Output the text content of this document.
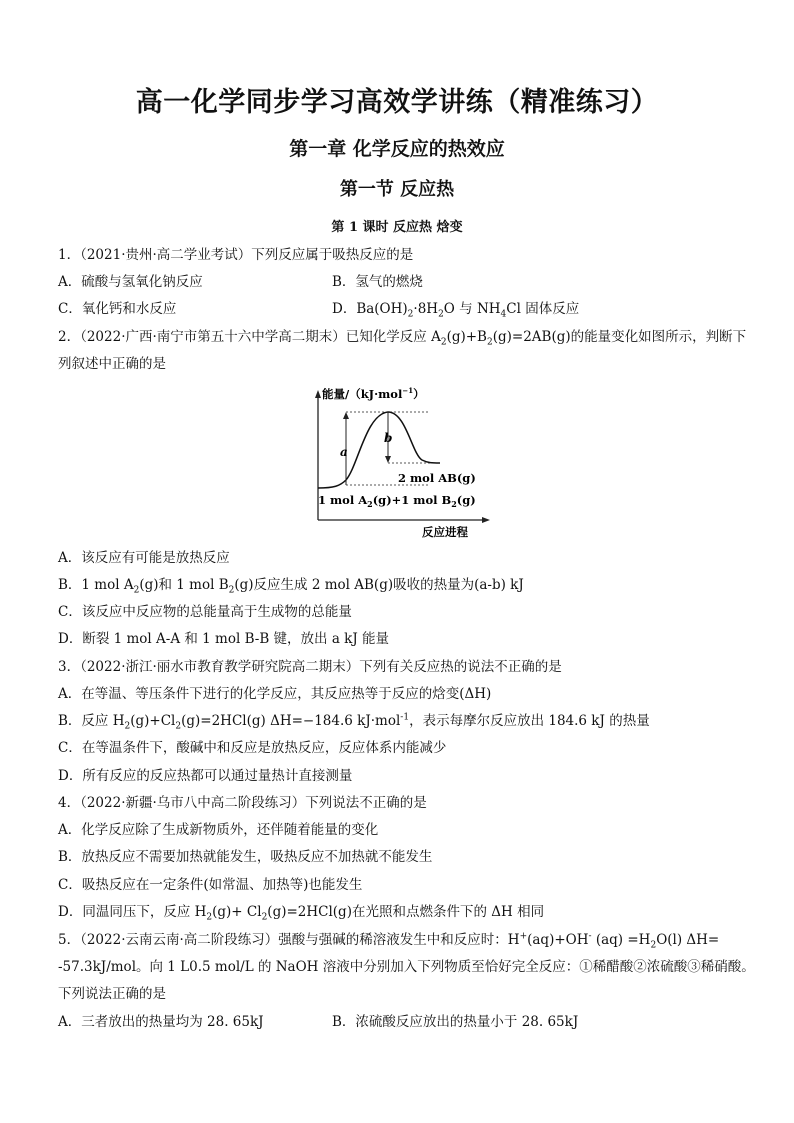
高一化学同步学习高效学讲练（精准练习）
第一章 化学反应的热效应
第一节 反应热
第 1 课时 反应热 焓变
1．（2021·贵州·高二学业考试）下列反应属于吸热反应的是
A．硫酸与氢氧化钠反应	B．氢气的燃烧
C．氧化钙和水反应	D．$Ba(OH)_2\cdot 8H_2O$ 与 $NH_4Cl$ 固体反应
2．（2022·广西·南宁市第五十六中学高二期末）已知化学反应 $A_2(g)+B_2(g)=2AB(g)$的能量变化如图所示，判断下
列叙述中正确的是
能量/（kJ·mol$^{-1}$）
a
b
2 mol AB(g)
1 mol $A_2(g)+1$ mol $B_2(g)$
反应进程
A．该反应有可能是放热反应
B．1 mol $A_2(g)$和 1 mol $B_2(g)$反应生成 2 mol AB(g)吸收的热量为(a-b) kJ
C．该反应中反应物的总能量高于生成物的总能量
D．断裂 1 mol A-A 和 1 mol B-B 键，放出 a kJ 能量
3．（2022·浙江·丽水市教育教学研究院高二期末）下列有关反应热的说法不正确的是
A．在等温、等压条件下进行的化学反应，其反应热等于反应的焓变(ΔH)
B．反应 $H_2(g)+Cl_2(g)=2HCl(g)$ ΔH=−184.6 kJ·mol$^{-1}$，表示每摩尔反应放出 184.6 kJ 的热量
C．在等温条件下，酸碱中和反应是放热反应，反应体系内能减少
D．所有反应的反应热都可以通过量热计直接测量
4．（2022·新疆·乌市八中高二阶段练习）下列说法不正确的是
A．化学反应除了生成新物质外，还伴随着能量的变化
B．放热反应不需要加热就能发生，吸热反应不加热就不能发生
C．吸热反应在一定条件(如常温、加热等)也能发生
D．同温同压下，反应 $H_2(g)+ Cl_2(g)=2HCl(g)$在光照和点燃条件下的 ΔH 相同
5．（2022·云南云南·高二阶段练习）强酸与强碱的稀溶液发生中和反应时：H+(aq)+OH- $(aq) =H_2O(l)$ ΔH=
-57.3kJ/mol。向 1 L0.5 mol/L 的 NaOH 溶液中分别加入下列物质至恰好完全反应：①稀醋酸②浓硫酸③稀硝酸。
下列说法正确的是
A．三者放出的热量均为 28. 65kJ	B．浓硫酸反应放出的热量小于 28. 65kJ
